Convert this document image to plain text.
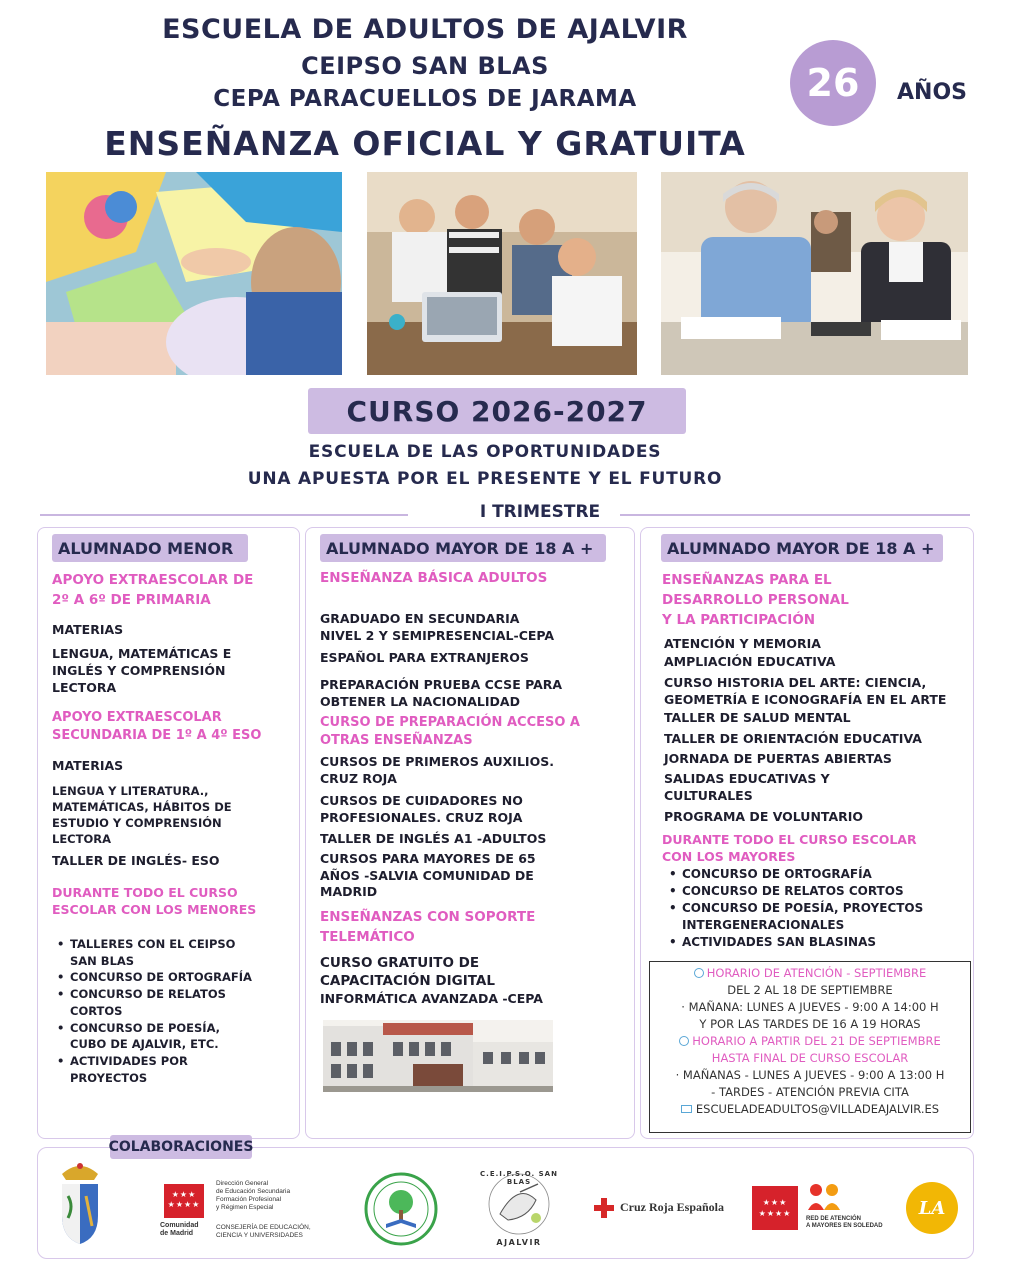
ESCUELA DE ADULTOS DE AJALVIR
CEIPSO SAN BLAS
CEPA PARACUELLOS DE JARAMA
ENSEÑANZA OFICIAL Y GRATUITA
26 AÑOS
CURSO 2026-2027
ESCUELA DE LAS OPORTUNIDADES
UNA APUESTA POR EL PRESENTE Y EL FUTURO
I TRIMESTRE
ALUMNADO MENOR
APOYO EXTRAESCOLAR DE
2º A 6º DE PRIMARIA
MATERIAS
LENGUA, MATEMÁTICAS E
INGLÉS Y COMPRENSIÓN
LECTORA
APOYO EXTRAESCOLAR
SECUNDARIA DE 1º A 4º ESO
MATERIAS
LENGUA Y LITERATURA.,
MATEMÁTICAS, HÁBITOS DE
ESTUDIO Y COMPRENSIÓN
LECTORA
TALLER DE INGLÉS- ESO
DURANTE TODO EL CURSO
ESCOLAR CON LOS MENORES
• TALLERES CON EL CEIPSO SAN BLAS
• CONCURSO DE ORTOGRAFÍA
• CONCURSO DE RELATOS CORTOS
• CONCURSO DE POESÍA, CUBO DE AJALVIR, ETC.
• ACTIVIDADES POR PROYECTOS
ALUMNADO MAYOR DE 18 A +
ENSEÑANZA BÁSICA ADULTOS
GRADUADO EN SECUNDARIA
NIVEL 2 Y SEMIPRESENCIAL-CEPA
ESPAÑOL PARA EXTRANJEROS
PREPARACIÓN PRUEBA CCSE PARA
OBTENER LA NACIONALIDAD
CURSO DE PREPARACIÓN ACCESO A
OTRAS ENSEÑANZAS
CURSOS DE PRIMEROS AUXILIOS.
CRUZ ROJA
CURSOS DE CUIDADORES NO
PROFESIONALES. CRUZ ROJA
TALLER DE INGLÉS A1 -ADULTOS
CURSOS PARA MAYORES DE 65
AÑOS -SALVIA COMUNIDAD DE
MADRID
ENSEÑANZAS CON SOPORTE
TELEMÁTICO
CURSO GRATUITO DE
CAPACITACIÓN DIGITAL
INFORMÁTICA AVANZADA -CEPA
ALUMNADO MAYOR DE 18 A +
ENSEÑANZAS PARA EL
DESARROLLO PERSONAL
Y LA PARTICIPACIÓN
ATENCIÓN Y MEMORIA
AMPLIACIÓN EDUCATIVA
CURSO HISTORIA DEL ARTE: CIENCIA,
GEOMETRÍA E ICONOGRAFÍA EN EL ARTE
TALLER DE SALUD MENTAL
TALLER DE ORIENTACIÓN EDUCATIVA
JORNADA DE PUERTAS ABIERTAS
SALIDAS EDUCATIVAS Y
CULTURALES
PROGRAMA DE VOLUNTARIO
DURANTE TODO EL CURSO ESCOLAR
CON LOS MAYORES
• CONCURSO DE ORTOGRAFÍA
• CONCURSO DE RELATOS CORTOS
• CONCURSO DE POESÍA, PROYECTOS INTERGENERACIONALES
• ACTIVIDADES SAN BLASINAS
HORARIO DE ATENCIÓN - SEPTIEMBRE
DEL 2 AL 18 DE SEPTIEMBRE
· MAÑANA: LUNES A JUEVES - 9:00 A 14:00 H
Y POR LAS TARDES DE 16 A 19 HORAS
HORARIO A PARTIR DEL 21 DE SEPTIEMBRE
HASTA FINAL DE CURSO ESCOLAR
· MAÑANAS - LUNES A JUEVES - 9:00 A 13:00 H
- TARDES - ATENCIÓN PREVIA CITA
ESCUELADEADULTOS@VILLADEAJALVIR.ES
★★★
★★★★
Comunidad
de Madrid
Dirección General
de Educación Secundaria
Formación Profesional
y Régimen Especial
CONSEJERÍA DE EDUCACIÓN,
CIENCIA Y UNIVERSIDADES
C.E.I.P.S.O. SAN BLAS
AJALVIR
Cruz Roja Española	★★★
★★★★
RED DE ATENCIÓN
A MAYORES EN SOLEDAD
LA
COLABORACIONES
